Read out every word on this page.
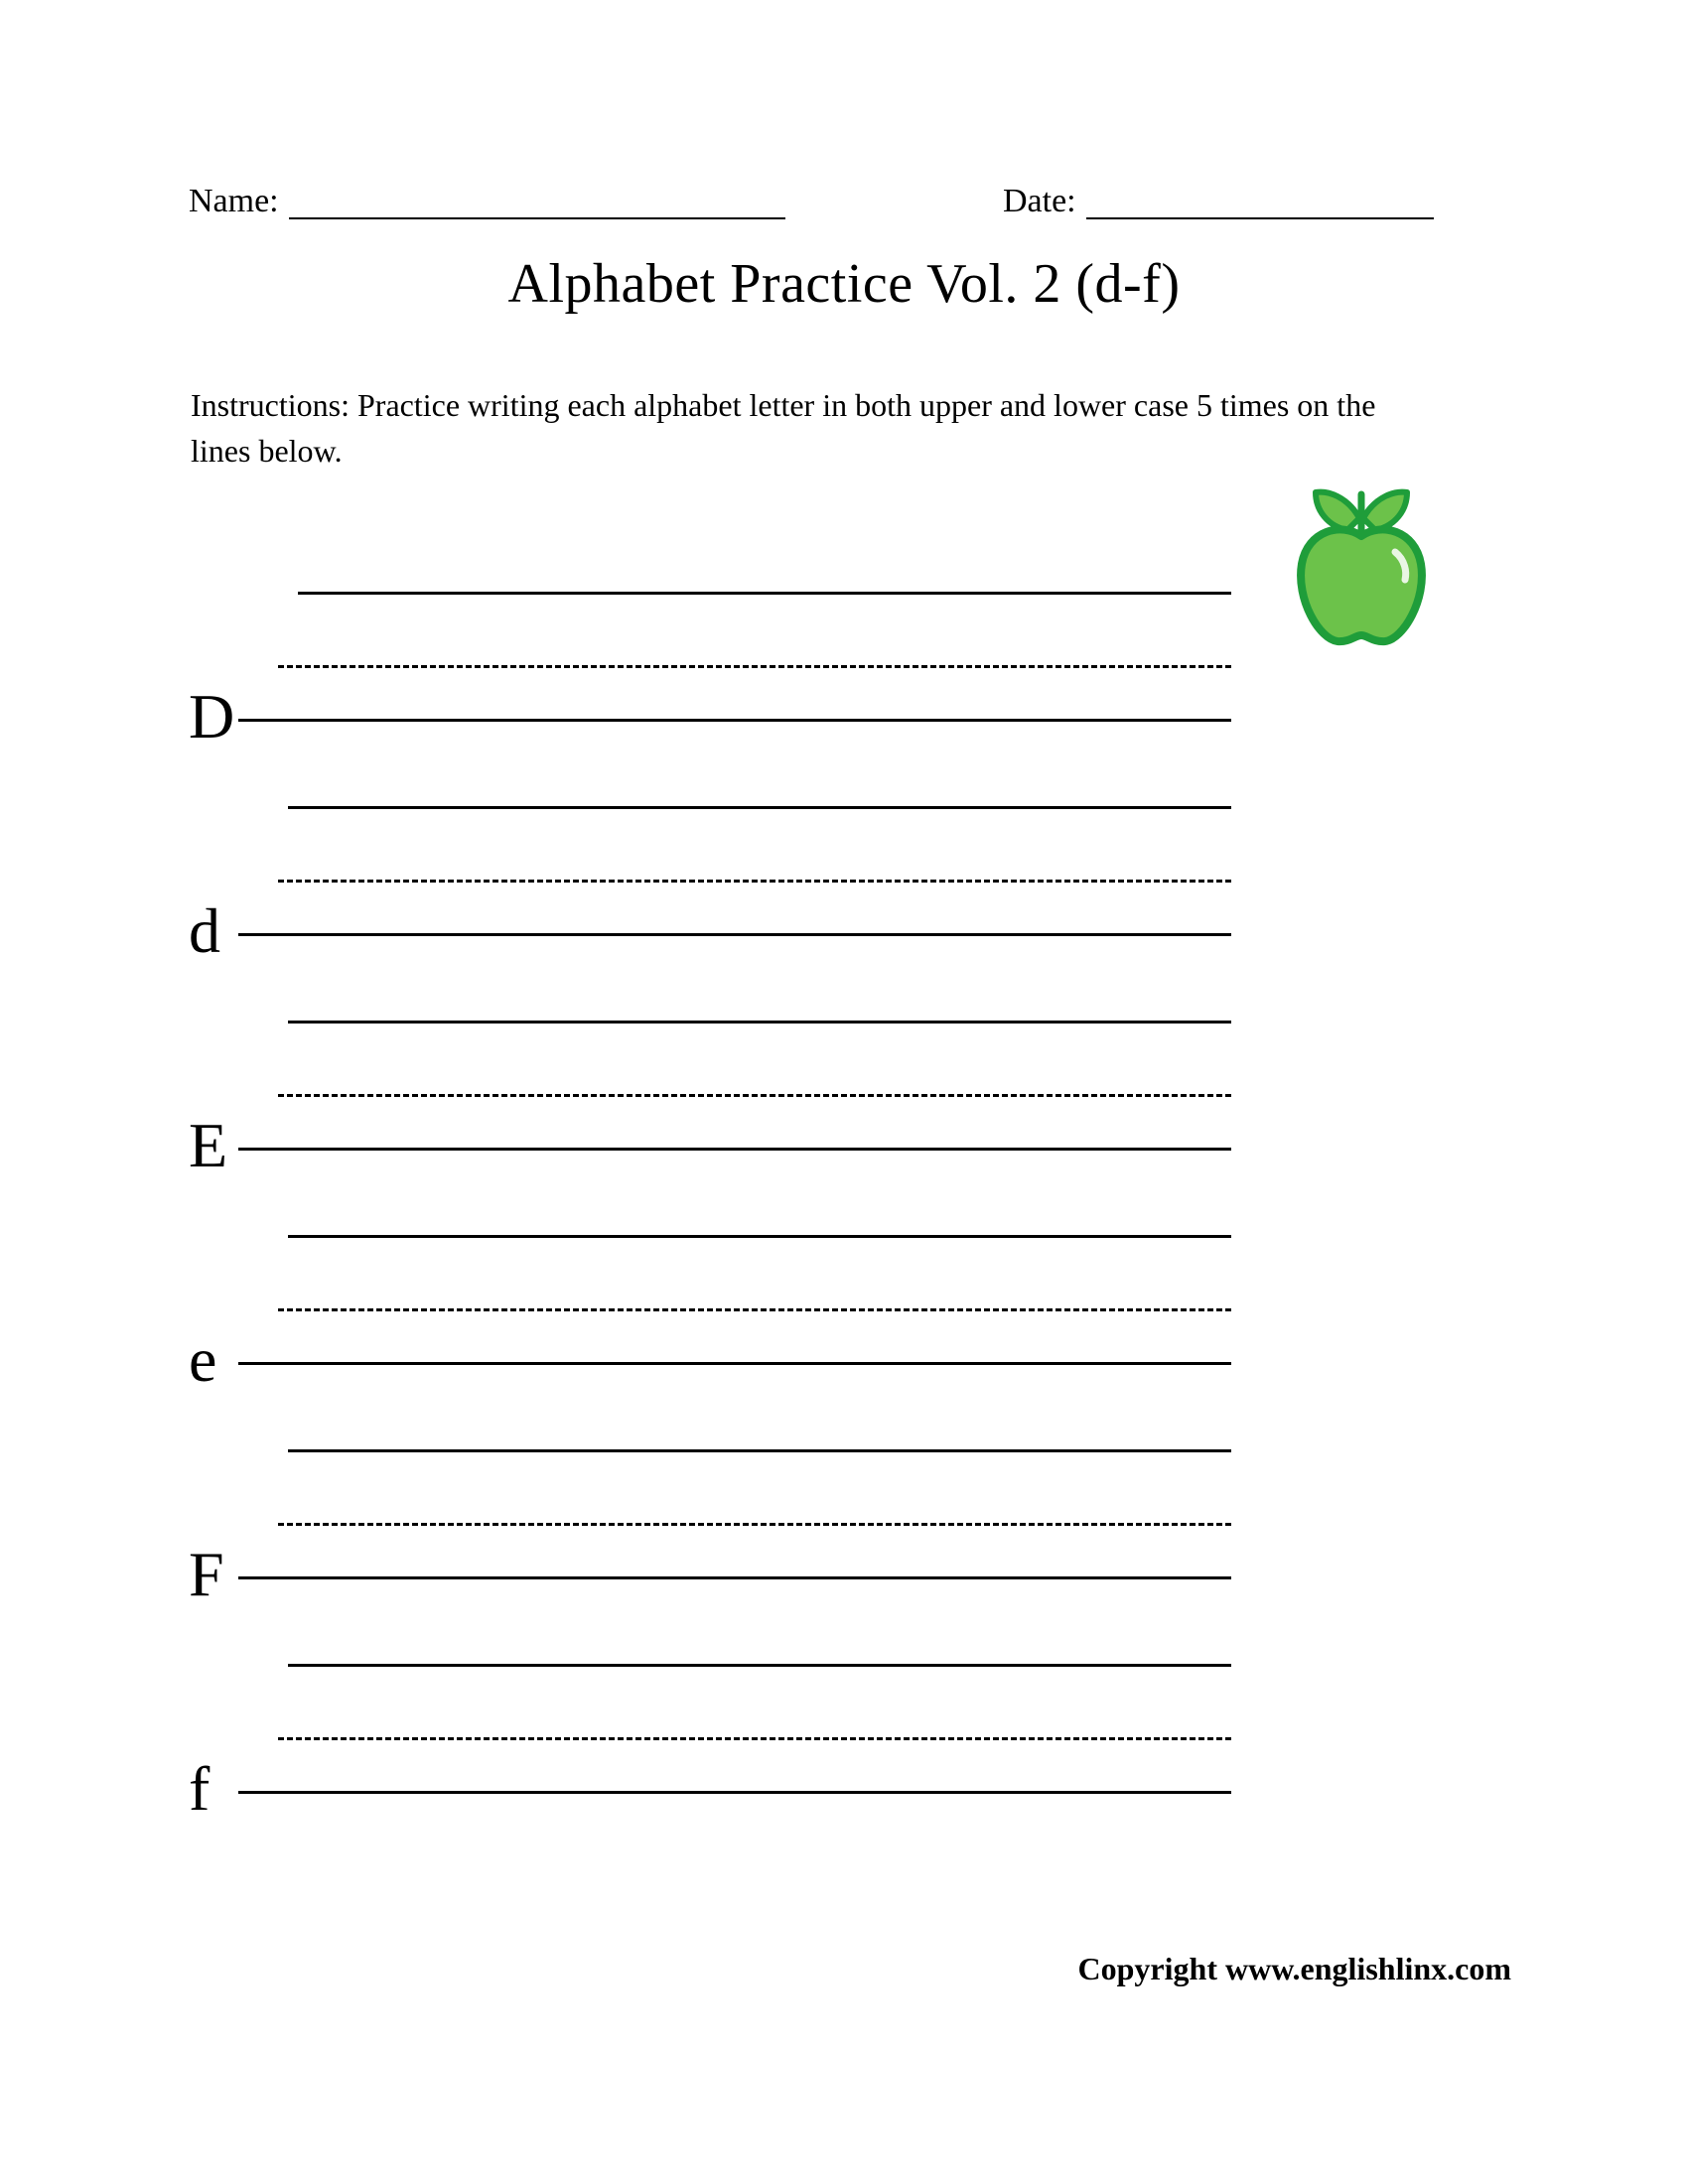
Name:	Date:
Alphabet Practice Vol. 2 (d-f)
Instructions: Practice writing each alphabet letter in both upper and lower case 5 times on the lines below.
D
d
E
e
F
f
Copyright www.englishlinx.com
